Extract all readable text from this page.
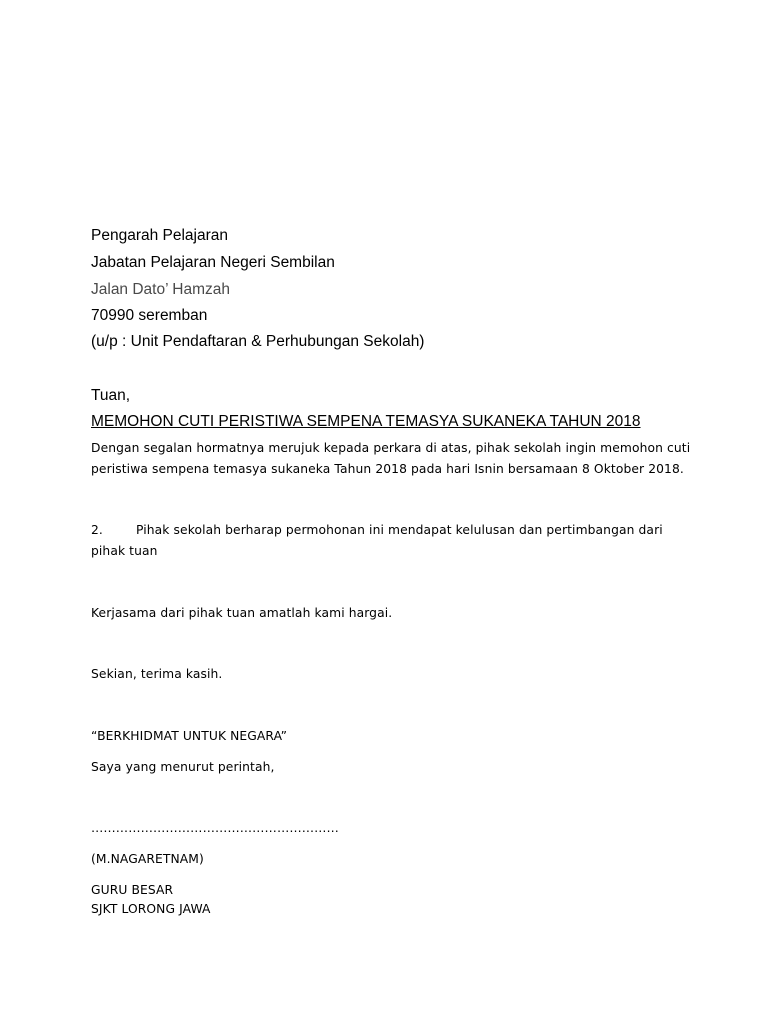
Pengarah Pelajaran

Jabatan Pelajaran Negeri Sembilan

Jalan Dato’ Hamzah

70990 seremban

(u/p : Unit Pendaftaran & Perhubungan Sekolah)

Tuan,

MEMOHON CUTI PERISTIWA SEMPENA TEMASYA SUKANEKA TAHUN 2018

Dengan segalan hormatnya merujuk kepada perkara di atas, pihak sekolah ingin memohon cuti

peristiwa sempena temasya sukaneka Tahun 2018 pada hari Isnin bersamaan 8 Oktober 2018.

2.	Pihak sekolah berharap permohonan ini mendapat kelulusan dan pertimbangan dari

pihak tuan

Kerjasama dari pihak tuan amatlah kami hargai.

Sekian, terima kasih.

“BERKHIDMAT UNTUK NEGARA”

Saya yang menurut perintah,

……………………………………………………

(M.NAGARETNAM)

GURU BESAR

SJKT LORONG JAWA
